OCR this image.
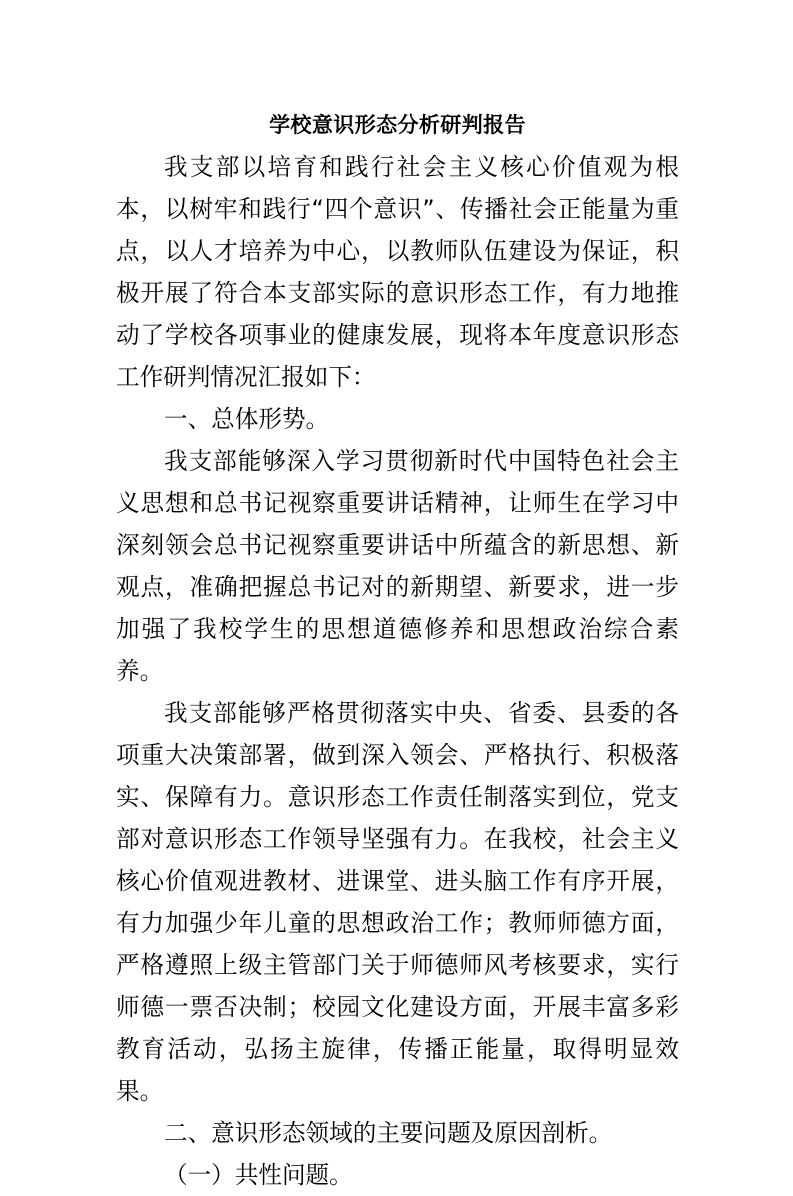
学校意识形态分析研判报告

我支部以培育和践行社会主义核心价值观为根本，以树牢和践行“四个意识”、传播社会正能量为重点，以人才培养为中心，以教师队伍建设为保证，积极开展了符合本支部实际的意识形态工作，有力地推动了学校各项事业的健康发展，现将本年度意识形态工作研判情况汇报如下：

一、总体形势。

我支部能够深入学习贯彻新时代中国特色社会主义思想和总书记视察重要讲话精神，让师生在学习中深刻领会总书记视察重要讲话中所蕴含的新思想、新观点，准确把握总书记对的新期望、新要求，进一步加强了我校学生的思想道德修养和思想政治综合素养。

我支部能够严格贯彻落实中央、省委、县委的各项重大决策部署，做到深入领会、严格执行、积极落实、保障有力。意识形态工作责任制落实到位，党支部对意识形态工作领导坚强有力。在我校，社会主义核心价值观进教材、进课堂、进头脑工作有序开展，有力加强少年儿童的思想政治工作；教师师德方面，严格遵照上级主管部门关于师德师风考核要求，实行师德一票否决制；校园文化建设方面，开展丰富多彩教育活动，弘扬主旋律，传播正能量，取得明显效果。

二、意识形态领域的主要问题及原因剖析。

（一）共性问题。
